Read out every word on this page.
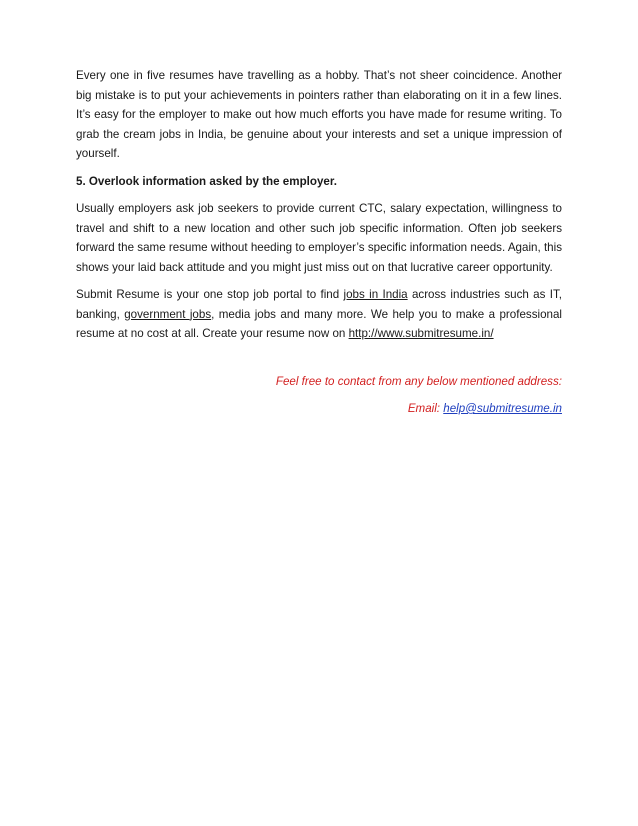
Every one in five resumes have travelling as a hobby. That’s not sheer coincidence. Another big mistake is to put your achievements in pointers rather than elaborating on it in a few lines. It’s easy for the employer to make out how much efforts you have made for resume writing. To grab the cream jobs in India, be genuine about your interests and set a unique impression of yourself.

5. Overlook information asked by the employer.

Usually employers ask job seekers to provide current CTC, salary expectation, willingness to travel and shift to a new location and other such job specific information. Often job seekers forward the same resume without heeding to employer’s specific information needs. Again, this shows your laid back attitude and you might just miss out on that lucrative career opportunity.

Submit Resume is your one stop job portal to find jobs in India across industries such as IT, banking, government jobs, media jobs and many more. We help you to make a professional resume at no cost at all. Create your resume now on http://www.submitresume.in/

Feel free to contact from any below mentioned address:

Email: help@submitresume.in
